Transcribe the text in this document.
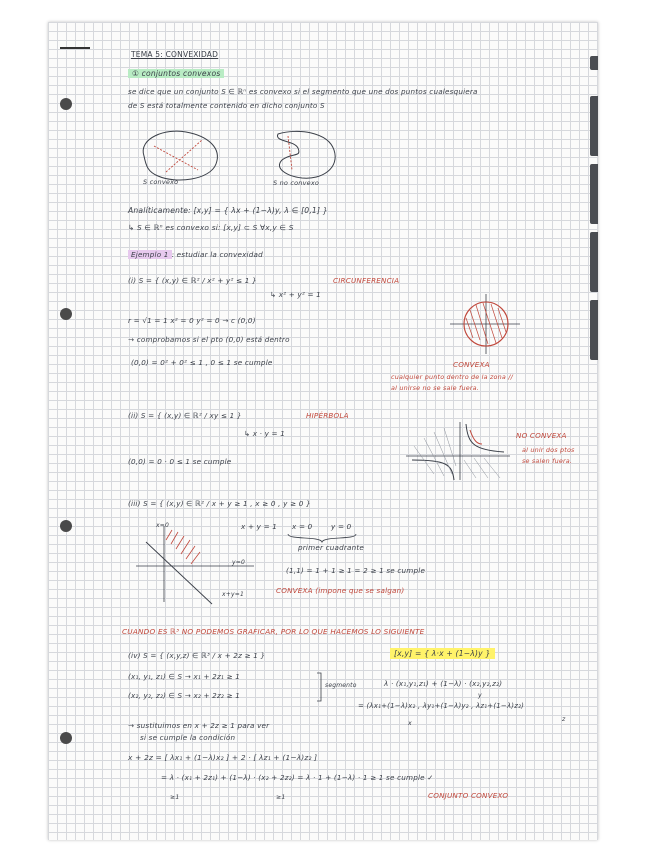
TEMA 5: CONVEXIDAD
① conjuntos convexos
se dice que un conjunto S ∈ ℝⁿ es convexo si el segmento que une dos puntos cualesquiera
de S está totalmente contenido en dicho conjunto S
S convexo	S no convexo
Analíticamente: [x,y] = { λx + (1−λ)y, λ ∈ [0,1] }
↳ S ∈ ℝⁿ es convexo si: [x,y] ⊂ S ∀x,y ∈ S
Ejemplo 1 : estudiar la convexidad
(i) S = { (x,y) ∈ ℝ² / x² + y² ≤ 1 }	CIRCUNFERENCIA
↳ x² + y² = 1
r = √1 = 1 x² = 0 y² = 0 → c (0,0)
→ comprobamos si el pto (0,0) está dentro
(0,0) = 0² + 0² ≤ 1 , 0 ≤ 1 se cumple	CONVEXA
cualquier punto dentro de la zona //
al unirse no se sale fuera.
(ii) S = { (x,y) ∈ ℝ² / xy ≤ 1 }	HIPÉRBOLA
↳ x · y = 1
(0,0) = 0 · 0 ≤ 1 se cumple
NO CONVEXA
al unir dos ptos
se salen fuera.
(iii) S = { (x,y) ∈ ℝ² / x + y ≥ 1 , x ≥ 0 , y ≥ 0 }
x + y = 1 x = 0	y = 0
primer cuadrante
(1,1) = 1 + 1 ≥ 1 = 2 ≥ 1 se cumple
CONVEXA (impone que se salgan)
x=0
y=0
x+y=1
CUANDO ES ℝ³ NO PODEMOS GRAFICAR, POR LO QUE HACEMOS LO SIGUIENTE
(iv) S = { (x,y,z) ∈ ℝ³ / x + 2z ≥ 1 }	[x,y] = { λ·x + (1−λ)y }
(x₁, y₁, z₁) ∈ S → x₁ + 2z₁ ≥ 1
(x₂, y₂, z₂) ∈ S → x₂ + 2z₂ ≥ 1
segmento	λ · (x₁,y₁,z₁) + (1−λ) · (x₂,y₂,z₂)
= (λx₁+(1−λ)x₂ , λy₁+(1−λ)y₂ , λz₁+(1−λ)z₂)
x
y
z
→ sustituimos en x + 2z ≥ 1 para ver
si se cumple la condición
x + 2z = [ λx₁ + (1−λ)x₂ ] + 2 · [ λz₁ + (1−λ)z₂ ]
= λ · (x₁ + 2z₁) + (1−λ) · (x₂ + 2z₂) = λ · 1 + (1−λ) · 1 ≥ 1 se cumple ✓
≥1	≥1	CONJUNTO CONVEXO
